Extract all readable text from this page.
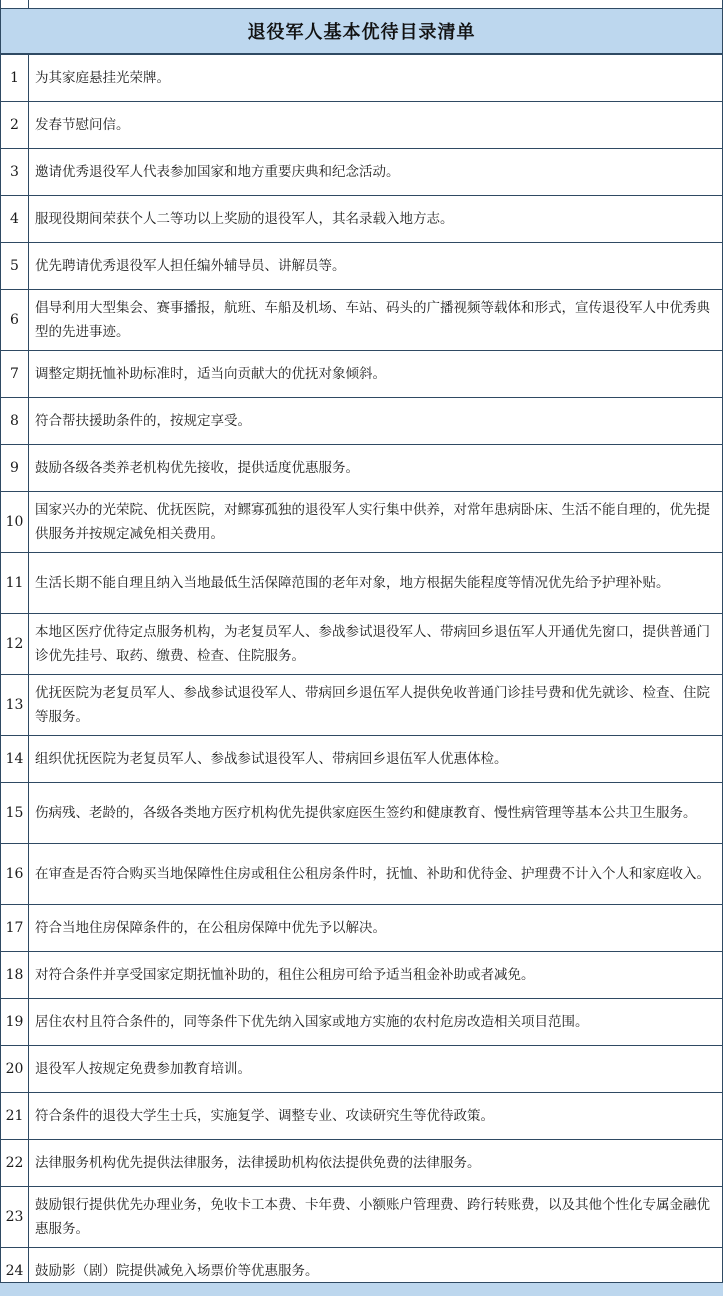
退役军人基本优待目录清单
1	为其家庭悬挂光荣牌。
2	发春节慰问信。
3	邀请优秀退役军人代表参加国家和地方重要庆典和纪念活动。
4	服现役期间荣获个人二等功以上奖励的退役军人，其名录载入地方志。
5	优先聘请优秀退役军人担任编外辅导员、讲解员等。
6	倡导利用大型集会、赛事播报，航班、车船及机场、车站、码头的广播视频等载体和形式，宣传退役军人中优秀典型的先进事迹。
7	调整定期抚恤补助标准时，适当向贡献大的优抚对象倾斜。
8	符合帮扶援助条件的，按规定享受。
9	鼓励各级各类养老机构优先接收，提供适度优惠服务。
10	国家兴办的光荣院、优抚医院，对鳏寡孤独的退役军人实行集中供养，对常年患病卧床、生活不能自理的，优先提供服务并按规定减免相关费用。
11	生活长期不能自理且纳入当地最低生活保障范围的老年对象，地方根据失能程度等情况优先给予护理补贴。
12	本地区医疗优待定点服务机构，为老复员军人、参战参试退役军人、带病回乡退伍军人开通优先窗口，提供普通门诊优先挂号、取药、缴费、检查、住院服务。
13	优抚医院为老复员军人、参战参试退役军人、带病回乡退伍军人提供免收普通门诊挂号费和优先就诊、检查、住院等服务。
14	组织优抚医院为老复员军人、参战参试退役军人、带病回乡退伍军人优惠体检。
15	伤病残、老龄的，各级各类地方医疗机构优先提供家庭医生签约和健康教育、慢性病管理等基本公共卫生服务。
16	在审查是否符合购买当地保障性住房或租住公租房条件时，抚恤、补助和优待金、护理费不计入个人和家庭收入。
17	符合当地住房保障条件的，在公租房保障中优先予以解决。
18	对符合条件并享受国家定期抚恤补助的，租住公租房可给予适当租金补助或者减免。
19	居住农村且符合条件的，同等条件下优先纳入国家或地方实施的农村危房改造相关项目范围。
20	退役军人按规定免费参加教育培训。
21	符合条件的退役大学生士兵，实施复学、调整专业、攻读研究生等优待政策。
22	法律服务机构优先提供法律服务，法律援助机构依法提供免费的法律服务。
23	鼓励银行提供优先办理业务，免收卡工本费、卡年费、小额账户管理费、跨行转账费，以及其他个性化专属金融优惠服务。
24	鼓励影（剧）院提供减免入场票价等优惠服务。
